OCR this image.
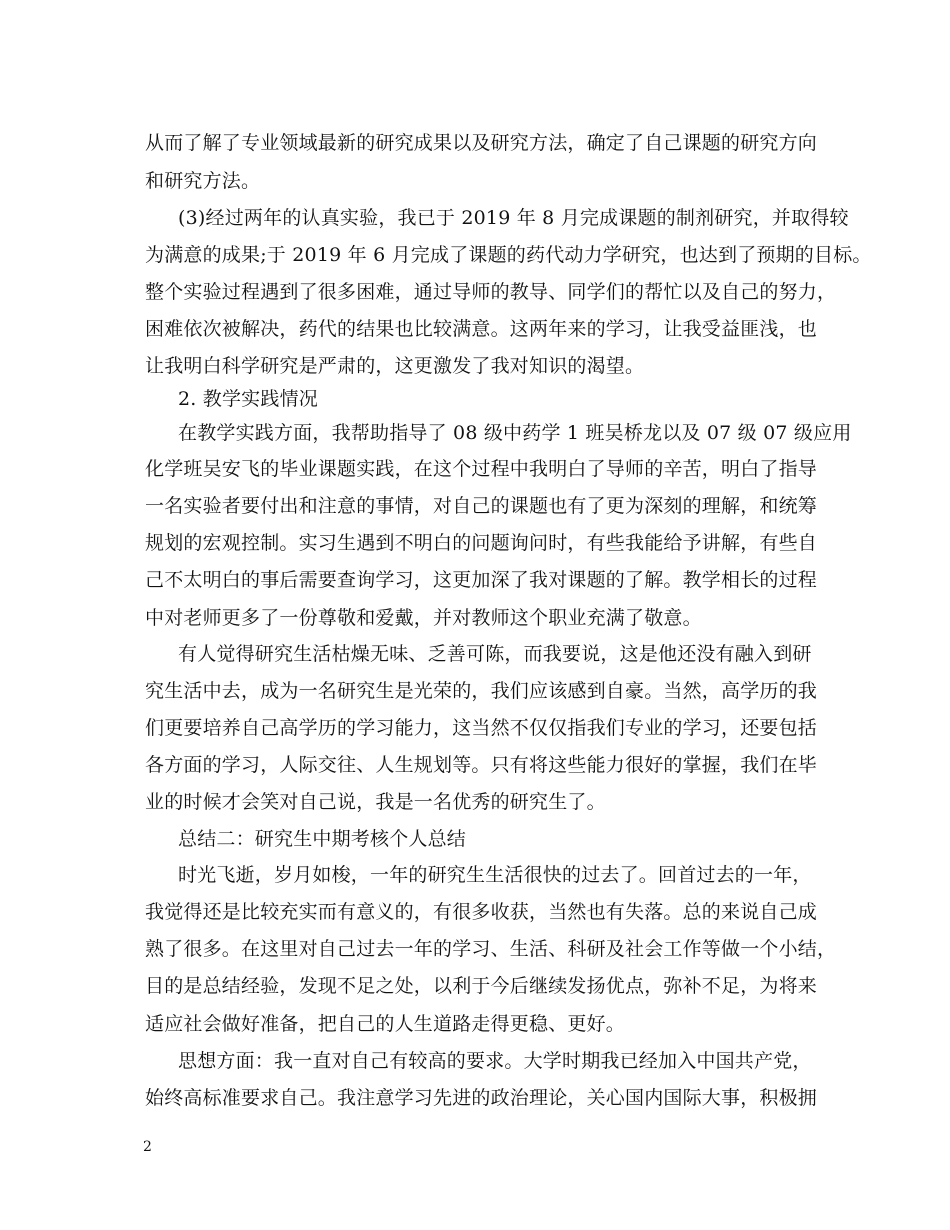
从而了解了专业领域最新的研究成果以及研究方法，确定了自己课题的研究方向
和研究方法。
(3)经过两年的认真实验，我已于 2019 年 8 月完成课题的制剂研究，并取得较
为满意的成果;于 2019 年 6 月完成了课题的药代动力学研究，也达到了预期的目标。
整个实验过程遇到了很多困难，通过导师的教导、同学们的帮忙以及自己的努力，
困难依次被解决，药代的结果也比较满意。这两年来的学习，让我受益匪浅，也
让我明白科学研究是严肃的，这更激发了我对知识的渴望。
2. 教学实践情况
在教学实践方面，我帮助指导了 08 级中药学 1 班吴桥龙以及 07 级 07 级应用
化学班吴安飞的毕业课题实践，在这个过程中我明白了导师的辛苦，明白了指导
一名实验者要付出和注意的事情，对自己的课题也有了更为深刻的理解，和统筹
规划的宏观控制。实习生遇到不明白的问题询问时，有些我能给予讲解，有些自
己不太明白的事后需要查询学习，这更加深了我对课题的了解。教学相长的过程
中对老师更多了一份尊敬和爱戴，并对教师这个职业充满了敬意。
有人觉得研究生活枯燥无味、乏善可陈，而我要说，这是他还没有融入到研
究生活中去，成为一名研究生是光荣的，我们应该感到自豪。当然，高学历的我
们更要培养自己高学历的学习能力，这当然不仅仅指我们专业的学习，还要包括
各方面的学习，人际交往、人生规划等。只有将这些能力很好的掌握，我们在毕
业的时候才会笑对自己说，我是一名优秀的研究生了。
总结二：研究生中期考核个人总结
时光飞逝，岁月如梭，一年的研究生生活很快的过去了。回首过去的一年，
我觉得还是比较充实而有意义的，有很多收获，当然也有失落。总的来说自己成
熟了很多。在这里对自己过去一年的学习、生活、科研及社会工作等做一个小结，
目的是总结经验，发现不足之处，以利于今后继续发扬优点，弥补不足，为将来
适应社会做好准备，把自己的人生道路走得更稳、更好。
思想方面：我一直对自己有较高的要求。大学时期我已经加入中国共产党，
始终高标准要求自己。我注意学习先进的政治理论，关心国内国际大事，积极拥
2
